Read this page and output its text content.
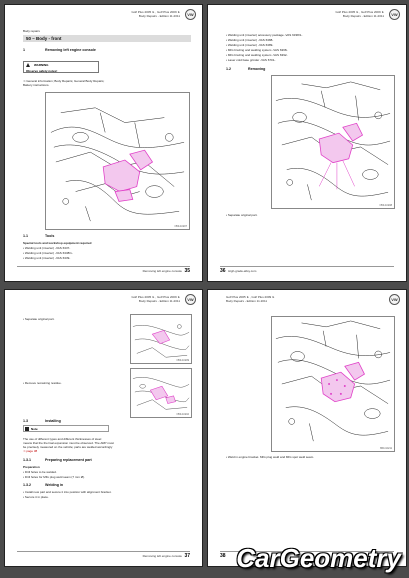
Golf Plus 2005 ➤ , Golf Plus 2009 ➤
Body Repairs - Edition 11.2011	VW
Body repairs
50 – Body - front
1	Removing left engine console
WARNING
Observe safety notes!
⇒ General information; Body Repairs; General Body Repairs;
Battery instructions.
N50-10207
1.1	Tools
Special tools and workshop equipment required
• Welding unit (inverter) -VAS 6337-
• Welding unit (inverter) -VAS 6338/1-
• Welding unit (inverter) -VAS 6339-
Removing left engine console 35
Golf Plus 2005 ➤ , Golf Plus 2009 ➤
Body Repairs - Edition 11.2011	VW
• Welding unit (inverter) accessory package -VAS 6338/1-
• Welding unit (inverter) -VAS 6388-
• Welding unit (inverter) -VAS 6389-
• MIG brazing and welding system -VAS 6368-
• MIG brazing and welding system -VAS 6392-
• Laser cold base grinder -VAS 6701-
1.2	Removing
N50-10208
• Separate original part.
36 High-grade-alloy.com
Golf Plus 2005 ➤ , Golf Plus 2009 ➤
Body Repairs - Edition 11.2011	VW
• Separate original part.
N50-10209
• Remove remaining residue.
N50-10210
1.3	Installing
Note
The use of different types and different thicknesses of steel
means that the thermal expansion must be observed. The ARP must
be precisely measured on the vehicle; parts are welded accordingly
⇒ page 38
1.3.1	Preparing replacement part
Preparation
• Drill holes to be welded.
• Drill holes for MIG plug weld seam (7 mm Ø).
1.3.2	Welding in
• Install new part and secure it into position with alignment bracket.
• Secure it in place.
Removing left engine console 37
Golf Plus 2005 ➤ , Golf Plus 2009 ➤
Body Repairs - Edition 11.2011	VW
N50-10211
• Weld in engine bracket. MIG plug weld and MIG spot weld seam.
38 CarGeometry
